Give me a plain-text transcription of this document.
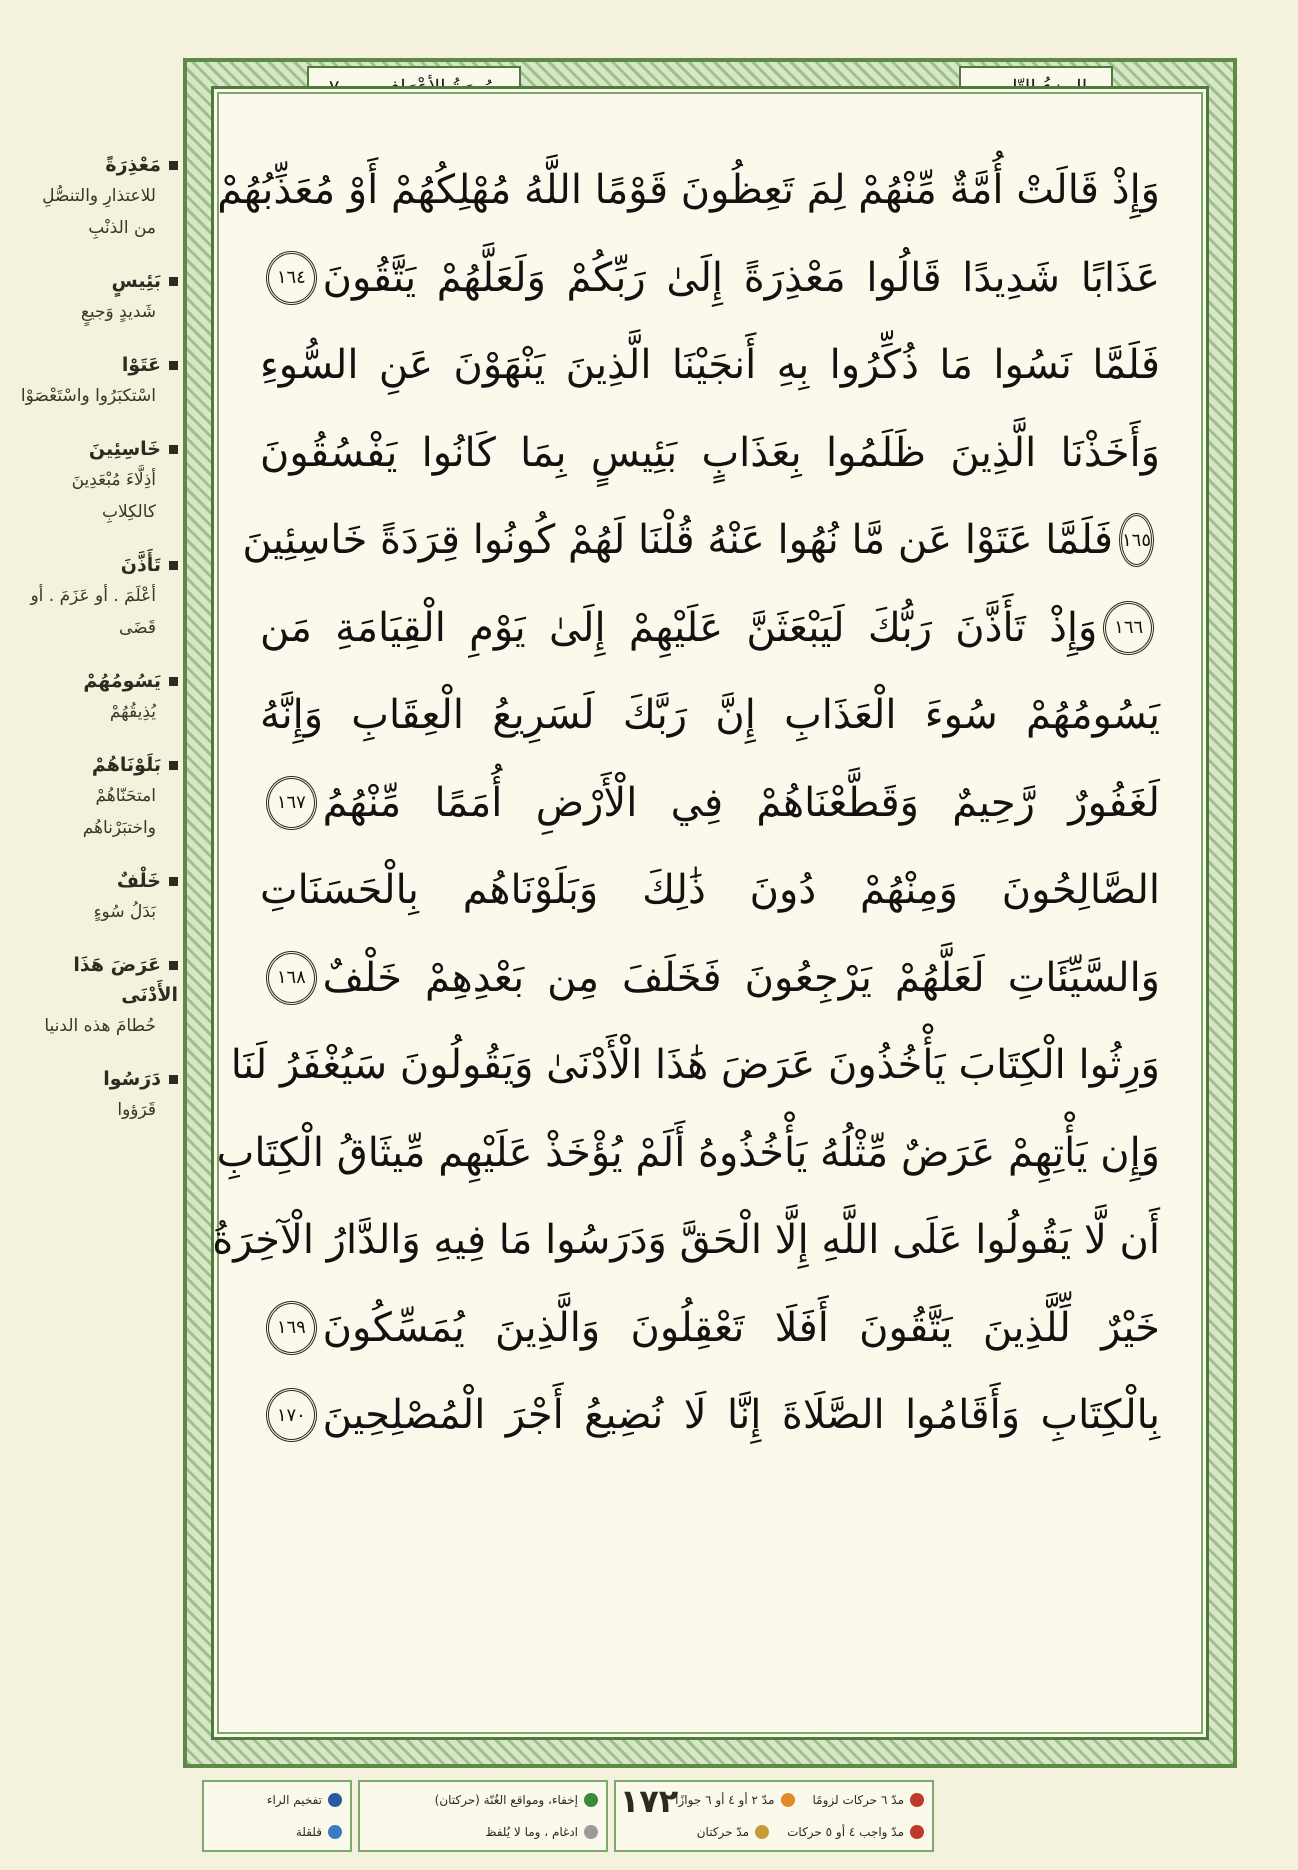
مَعْذِرَةً
للاعتذارِ والتنصُّلِ من الذنْبِ
بَئِيسٍ
شَديدٍ وَجيعٍ
عَتَوْا
اسْتكبَرُوا واسْتَعْصَوْا
خَاسِئِينَ
أذِلَّاءَ مُبْعَدِينَ كالكِلابِ
تَأَذَّنَ
أعْلَمَ . أو عَزَمَ . أو قَضَى
يَسُومُهُمْ
يُذِيقُهُمْ
بَلَوْنَاهُمْ
امتحَنّاهُمْ واختبَرْناهُم
خَلْفٌ
بَدَلُ سُوءٍ
عَرَضَ هَذَا الأَدْنَى
حُطامَ هذه الدنيا
دَرَسُوا
قَرَؤوا
وَإِذْ قَالَتْ أُمَّةٌ مِّنْهُمْ لِمَ تَعِظُونَ قَوْمًا اللَّهُ مُهْلِكُهُمْ أَوْ مُعَذِّبُهُمْ
عَذَابًا شَدِيدًا قَالُوا مَعْذِرَةً إِلَىٰ رَبِّكُمْ وَلَعَلَّهُمْ يَتَّقُونَ
١٦٤
فَلَمَّا نَسُوا مَا ذُكِّرُوا بِهِ أَنجَيْنَا الَّذِينَ يَنْهَوْنَ عَنِ السُّوءِ
وَأَخَذْنَا الَّذِينَ ظَلَمُوا بِعَذَابٍ بَئِيسٍ بِمَا كَانُوا يَفْسُقُونَ
١٦٥
فَلَمَّا عَتَوْا عَن مَّا نُهُوا عَنْهُ قُلْنَا لَهُمْ كُونُوا قِرَدَةً خَاسِئِينَ
١٦٦
وَإِذْ تَأَذَّنَ رَبُّكَ لَيَبْعَثَنَّ عَلَيْهِمْ إِلَىٰ يَوْمِ الْقِيَامَةِ مَن
يَسُومُهُمْ سُوءَ الْعَذَابِ إِنَّ رَبَّكَ لَسَرِيعُ الْعِقَابِ وَإِنَّهُ
لَغَفُورٌ رَّحِيمٌ وَقَطَّعْنَاهُمْ فِي الْأَرْضِ أُمَمًا مِّنْهُمُ
١٦٧
الصَّالِحُونَ وَمِنْهُمْ دُونَ ذَٰلِكَ وَبَلَوْنَاهُم بِالْحَسَنَاتِ
وَالسَّيِّئَاتِ لَعَلَّهُمْ يَرْجِعُونَ فَخَلَفَ مِن بَعْدِهِمْ خَلْفٌ
١٦٨
وَرِثُوا الْكِتَابَ يَأْخُذُونَ عَرَضَ هَٰذَا الْأَدْنَىٰ وَيَقُولُونَ سَيُغْفَرُ لَنَا
وَإِن يَأْتِهِمْ عَرَضٌ مِّثْلُهُ يَأْخُذُوهُ أَلَمْ يُؤْخَذْ عَلَيْهِم مِّيثَاقُ الْكِتَابِ
أَن لَّا يَقُولُوا عَلَى اللَّهِ إِلَّا الْحَقَّ وَدَرَسُوا مَا فِيهِ وَالدَّارُ الْآخِرَةُ
خَيْرٌ لِّلَّذِينَ يَتَّقُونَ أَفَلَا تَعْقِلُونَ وَالَّذِينَ يُمَسِّكُونَ
١٦٩
بِالْكِتَابِ وَأَقَامُوا الصَّلَاةَ إِنَّا لَا نُضِيعُ أَجْرَ الْمُصْلِحِينَ
١٧٠
مدّ ٦ حركات لزومًا
مدّ ٢ أو ٤ أو ٦ جوازًا
مدّ واجب ٤ أو ٥ حركات
مدّ حركتان
إخفاء، ومواقع الغُنّة (حركتان)
ادغام ، وما لا يُلفظ
تفخيم الراء
قلقلة
١٧٢
